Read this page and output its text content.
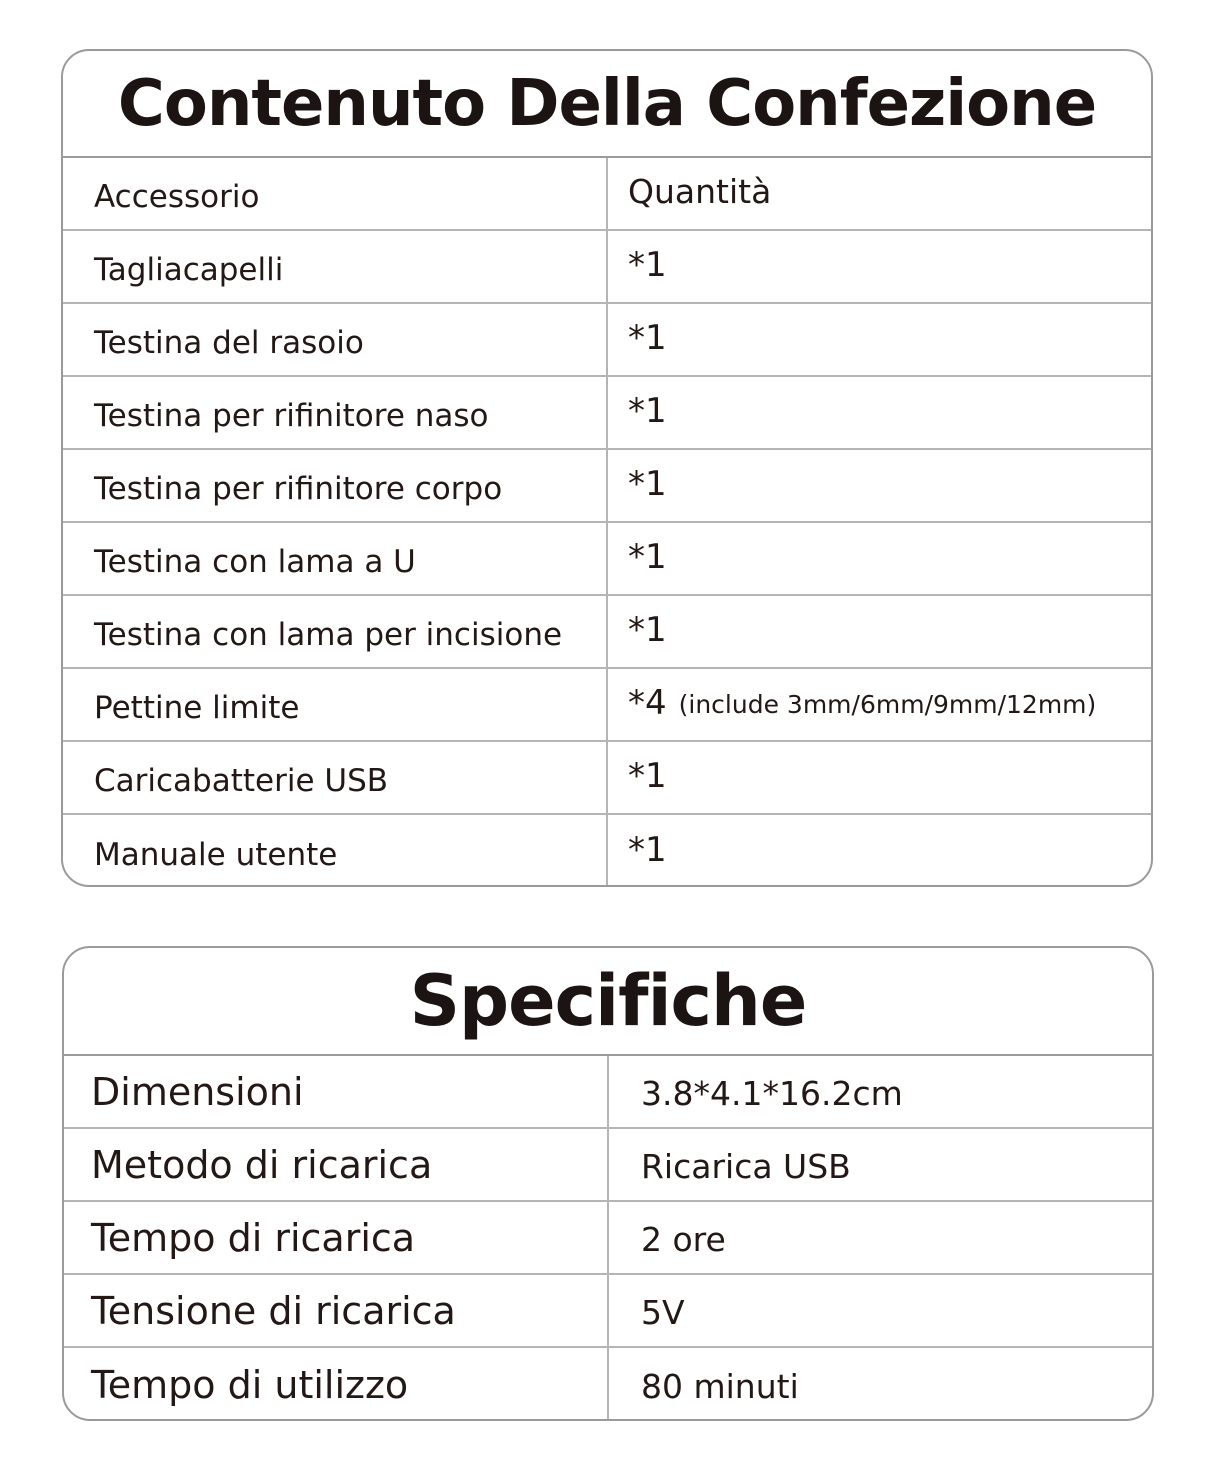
Contenuto Della Confezione
Accessorio	Quantità
Tagliacapelli	*1
Testina del rasoio	*1
Testina per rifinitore naso	*1
Testina per rifinitore corpo	*1
Testina con lama a U	*1
Testina con lama per incisione	*1
Pettine limite	*4 (include 3mm/6mm/9mm/12mm)
Caricabatterie USB	*1
Manuale utente	*1
Specifiche
Dimensioni	3.8*4.1*16.2cm
Metodo di ricarica	Ricarica USB
Tempo di ricarica	2 ore
Tensione di ricarica	5V
Tempo di utilizzo	80 minuti
